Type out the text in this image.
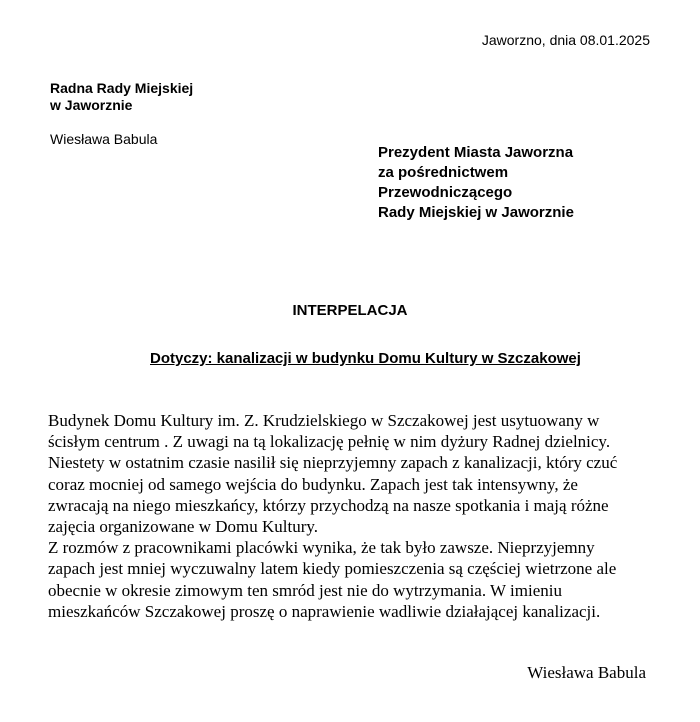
Jaworzno, dnia 08.01.2025
Radna Rady Miejskiej
w Jaworznie
Wiesława Babula
Prezydent Miasta Jaworzna
za pośrednictwem
Przewodniczącego
Rady Miejskiej w Jaworznie
INTERPELACJA
Dotyczy: kanalizacji w budynku Domu Kultury w Szczakowej
Budynek Domu Kultury im. Z. Krudzielskiego w Szczakowej jest usytuowany w
ścisłym centrum . Z uwagi na tą lokalizację pełnię w nim dyżury Radnej dzielnicy.
Niestety w ostatnim czasie nasilił się nieprzyjemny zapach z kanalizacji, który czuć
coraz mocniej od samego wejścia do budynku. Zapach jest tak intensywny, że
zwracają na niego mieszkańcy, którzy przychodzą na nasze spotkania i mają różne
zajęcia organizowane w Domu Kultury.
Z rozmów z pracownikami placówki wynika, że tak było zawsze. Nieprzyjemny
zapach jest mniej wyczuwalny latem kiedy pomieszczenia są częściej wietrzone ale
obecnie w okresie zimowym ten smród jest nie do wytrzymania. W imieniu
mieszkańców Szczakowej proszę o naprawienie wadliwie działającej kanalizacji.
Wiesława Babula
